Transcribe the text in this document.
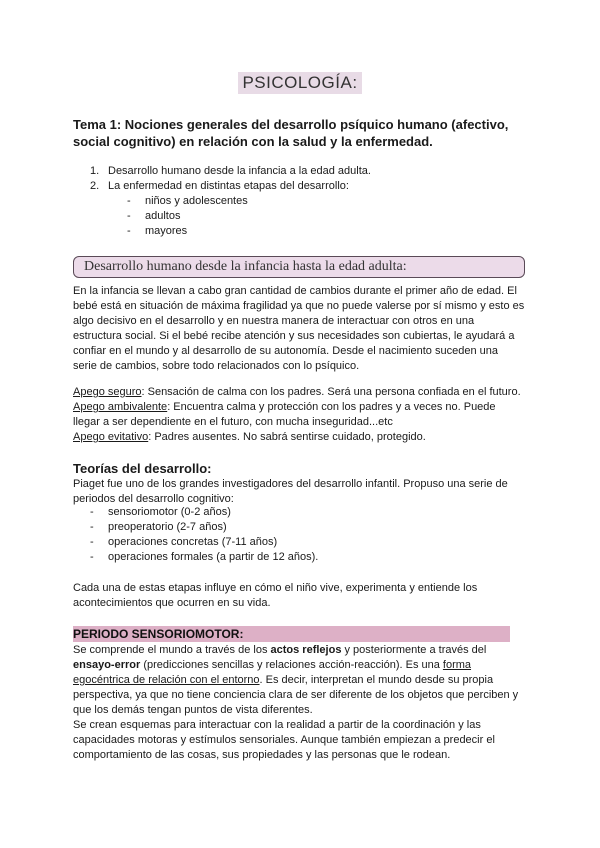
PSICOLOGÍA:
Tema 1: Nociones generales del desarrollo psíquico humano (afectivo, social cognitivo) en relación con la salud y la enfermedad.
1. Desarrollo humano desde la infancia a la edad adulta.
2. La enfermedad en distintas etapas del desarrollo:
-	niños y adolescentes
-	adultos
-	mayores
Desarrollo humano desde la infancia hasta la edad adulta:
En la infancia se llevan a cabo gran cantidad de cambios durante el primer año de edad. El
bebé está en situación de máxima fragilidad ya que no puede valerse por sí mismo y esto es
algo decisivo en el desarrollo y en nuestra manera de interactuar con otros en una
estructura social. Si el bebé recibe atención y sus necesidades son cubiertas, le ayudará a
confiar en el mundo y al desarrollo de su autonomía. Desde el nacimiento suceden una
serie de cambios, sobre todo relacionados con lo psíquico.
Apego seguro: Sensación de calma con los padres. Será una persona confiada en el futuro.
Apego ambivalente: Encuentra calma y protección con los padres y a veces no. Puede
llegar a ser dependiente en el futuro, con mucha inseguridad...etc
Apego evitativo: Padres ausentes. No sabrá sentirse cuidado, protegido.
Teorías del desarrollo:
Piaget fue uno de los grandes investigadores del desarrollo infantil. Propuso una serie de
periodos del desarrollo cognitivo:
-	sensoriomotor (0-2 años)
-	preoperatorio (2-7 años)
-	operaciones concretas (7-11 años)
-	operaciones formales (a partir de 12 años).
Cada una de estas etapas influye en cómo el niño vive, experimenta y entiende los
acontecimientos que ocurren en su vida.
PERIODO SENSORIOMOTOR:
Se comprende el mundo a través de los actos reflejos y posteriormente a través del
ensayo-error (predicciones sencillas y relaciones acción-reacción). Es una forma
egocéntrica de relación con el entorno. Es decir, interpretan el mundo desde su propia
perspectiva, ya que no tiene conciencia clara de ser diferente de los objetos que perciben y
que los demás tengan puntos de vista diferentes.
Se crean esquemas para interactuar con la realidad a partir de la coordinación y las
capacidades motoras y estímulos sensoriales. Aunque también empiezan a predecir el
comportamiento de las cosas, sus propiedades y las personas que le rodean.
